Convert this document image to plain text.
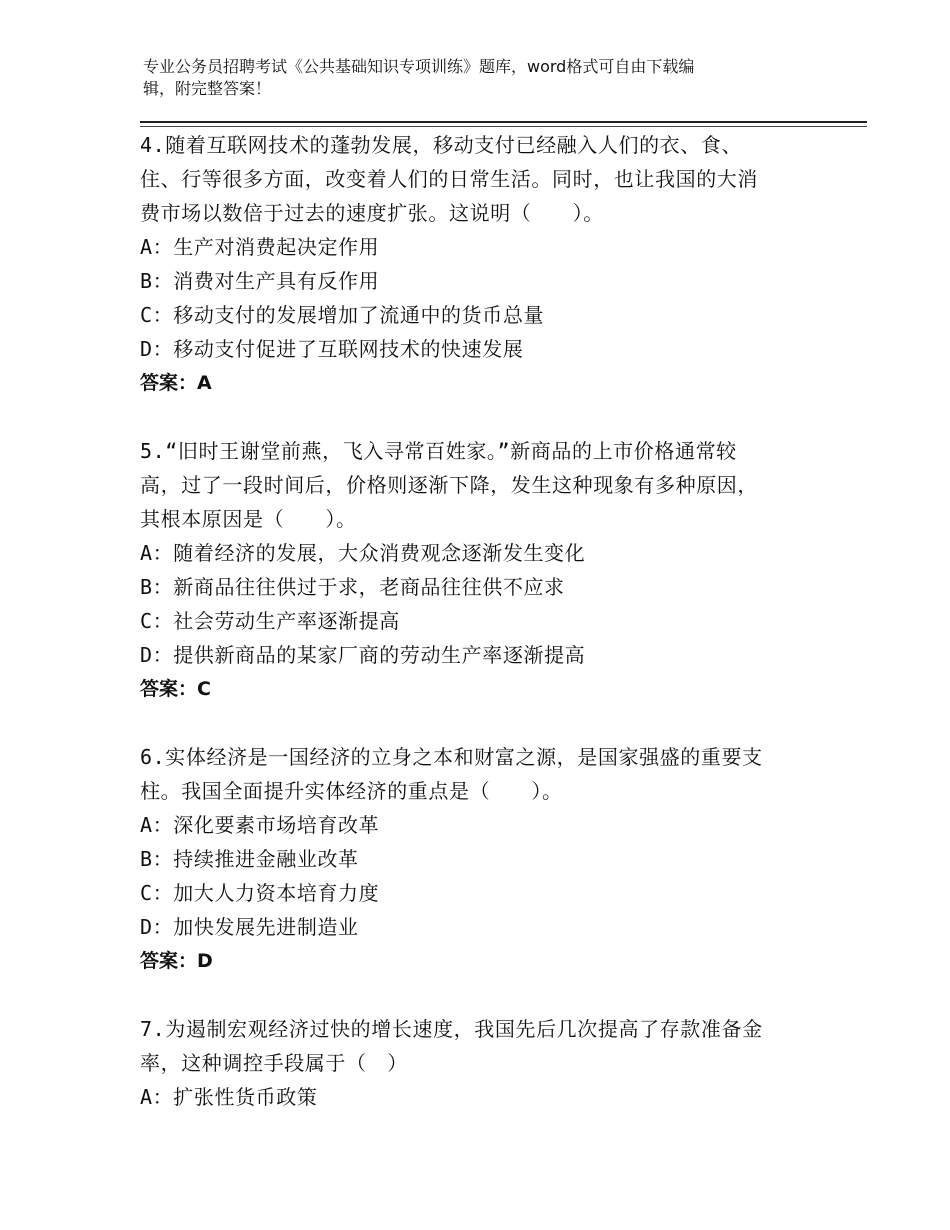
专业公务员招聘考试《公共基础知识专项训练》题库，word格式可自由下载编
辑，附完整答案！
4.随着互联网技术的蓬勃发展，移动支付已经融入人们的衣、食、
住、行等很多方面，改变着人们的日常生活。同时，也让我国的大消
费市场以数倍于过去的速度扩张。这说明（　　）。
A：生产对消费起决定作用
B：消费对生产具有反作用
C：移动支付的发展增加了流通中的货币总量
D：移动支付促进了互联网技术的快速发展
答案：A
5.“旧时王谢堂前燕，飞入寻常百姓家。”新商品的上市价格通常较
高，过了一段时间后，价格则逐渐下降，发生这种现象有多种原因，
其根本原因是（　　）。
A：随着经济的发展，大众消费观念逐渐发生变化
B：新商品往往供过于求，老商品往往供不应求
C：社会劳动生产率逐渐提高
D：提供新商品的某家厂商的劳动生产率逐渐提高
答案：C
6.实体经济是一国经济的立身之本和财富之源，是国家强盛的重要支
柱。我国全面提升实体经济的重点是（　　）。
A：深化要素市场培育改革
B：持续推进金融业改革
C：加大人力资本培育力度
D：加快发展先进制造业
答案：D
7.为遏制宏观经济过快的增长速度，我国先后几次提高了存款准备金
率，这种调控手段属于（　）
A：扩张性货币政策
